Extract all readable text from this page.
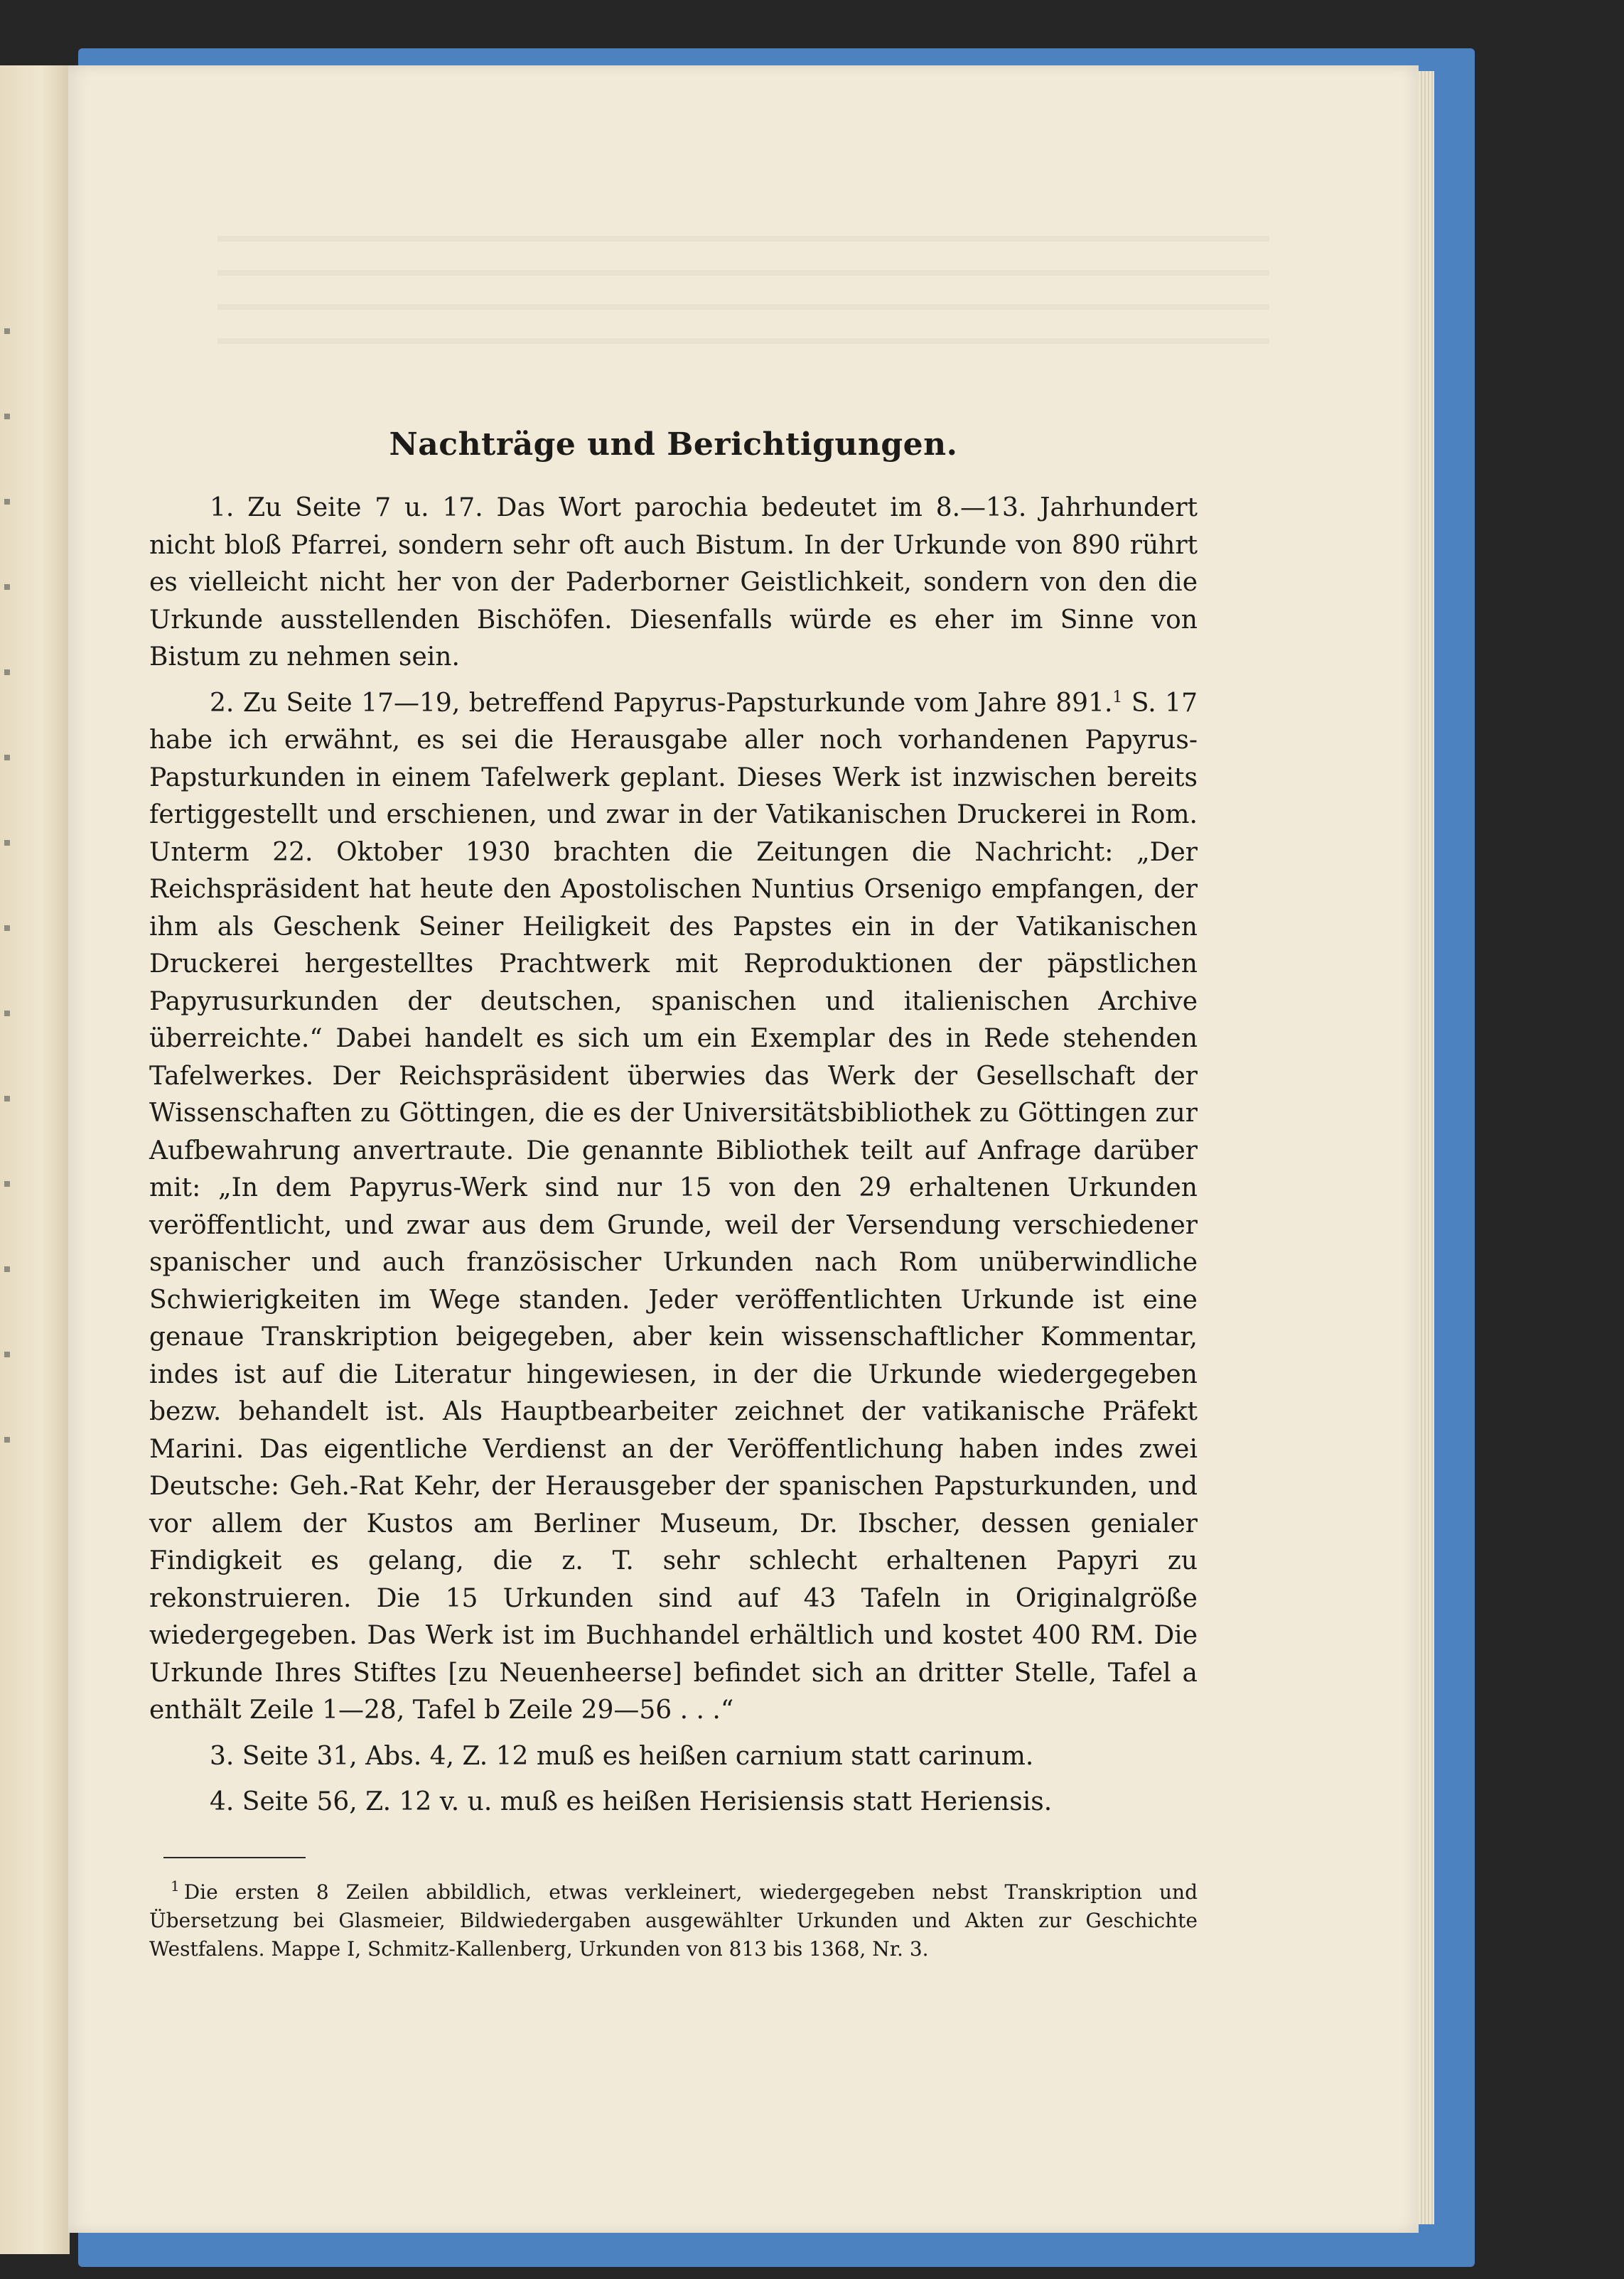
Nachträge und Berichtigungen.

1. Zu Seite 7 u. 17. Das Wort parochia bedeutet im 8.—13. Jahrhundert nicht bloß Pfarrei, sondern sehr oft auch Bistum. In der Urkunde von 890 rührt es vielleicht nicht her von der Paderborner Geistlichkeit, sondern von den die Urkunde ausstellenden Bischöfen. Diesenfalls würde es eher im Sinne von Bistum zu nehmen sein.

2. Zu Seite 17—19, betreffend Papyrus-Papsturkunde vom Jahre 891.$^1$ S. 17 habe ich erwähnt, es sei die Herausgabe aller noch vorhandenen Papyrus-Papsturkunden in einem Tafelwerk geplant. Dieses Werk ist inzwischen bereits fertiggestellt und erschienen, und zwar in der Vatikanischen Druckerei in Rom. Unterm 22. Oktober 1930 brachten die Zeitungen die Nachricht: „Der Reichspräsident hat heute den Apostolischen Nuntius Orsenigo empfangen, der ihm als Geschenk Seiner Heiligkeit des Papstes ein in der Vatikanischen Druckerei hergestelltes Prachtwerk mit Reproduktionen der päpstlichen Papyrusurkunden der deutschen, spanischen und italienischen Archive überreichte.“ Dabei handelt es sich um ein Exemplar des in Rede stehenden Tafelwerkes. Der Reichspräsident überwies das Werk der Gesellschaft der Wissenschaften zu Göttingen, die es der Universitätsbibliothek zu Göttingen zur Aufbewahrung anvertraute. Die genannte Bibliothek teilt auf Anfrage darüber mit: „In dem Papyrus-Werk sind nur 15 von den 29 erhaltenen Urkunden veröffentlicht, und zwar aus dem Grunde, weil der Versendung verschiedener spanischer und auch französischer Urkunden nach Rom unüberwindliche Schwierigkeiten im Wege standen. Jeder veröffentlichten Urkunde ist eine genaue Transkription beigegeben, aber kein wissenschaftlicher Kommentar, indes ist auf die Literatur hingewiesen, in der die Urkunde wiedergegeben bezw. behandelt ist. Als Hauptbearbeiter zeichnet der vatikanische Präfekt Marini. Das eigentliche Verdienst an der Veröffentlichung haben indes zwei Deutsche: Geh.-Rat Kehr, der Herausgeber der spanischen Papsturkunden, und vor allem der Kustos am Berliner Museum, Dr. Ibscher, dessen genialer Findigkeit es gelang, die z. T. sehr schlecht erhaltenen Papyri zu rekonstruieren. Die 15 Urkunden sind auf 43 Tafeln in Originalgröße wiedergegeben. Das Werk ist im Buchhandel erhältlich und kostet 400 RM. Die Urkunde Ihres Stiftes [zu Neuenheerse] befindet sich an dritter Stelle, Tafel a enthält Zeile 1—28, Tafel b Zeile 29—56 . . .“

3. Seite 31, Abs. 4, Z. 12 muß es heißen carnium statt carinum.

4. Seite 56, Z. 12 v. u. muß es heißen Herisiensis statt Heriensis.

$^1$ Die ersten 8 Zeilen abbildlich, etwas verkleinert, wiedergegeben nebst Transkription und Übersetzung bei Glasmeier, Bildwiedergaben ausgewählter Urkunden und Akten zur Geschichte Westfalens. Mappe I, Schmitz-Kallenberg, Urkunden von 813 bis 1368, Nr. 3.
